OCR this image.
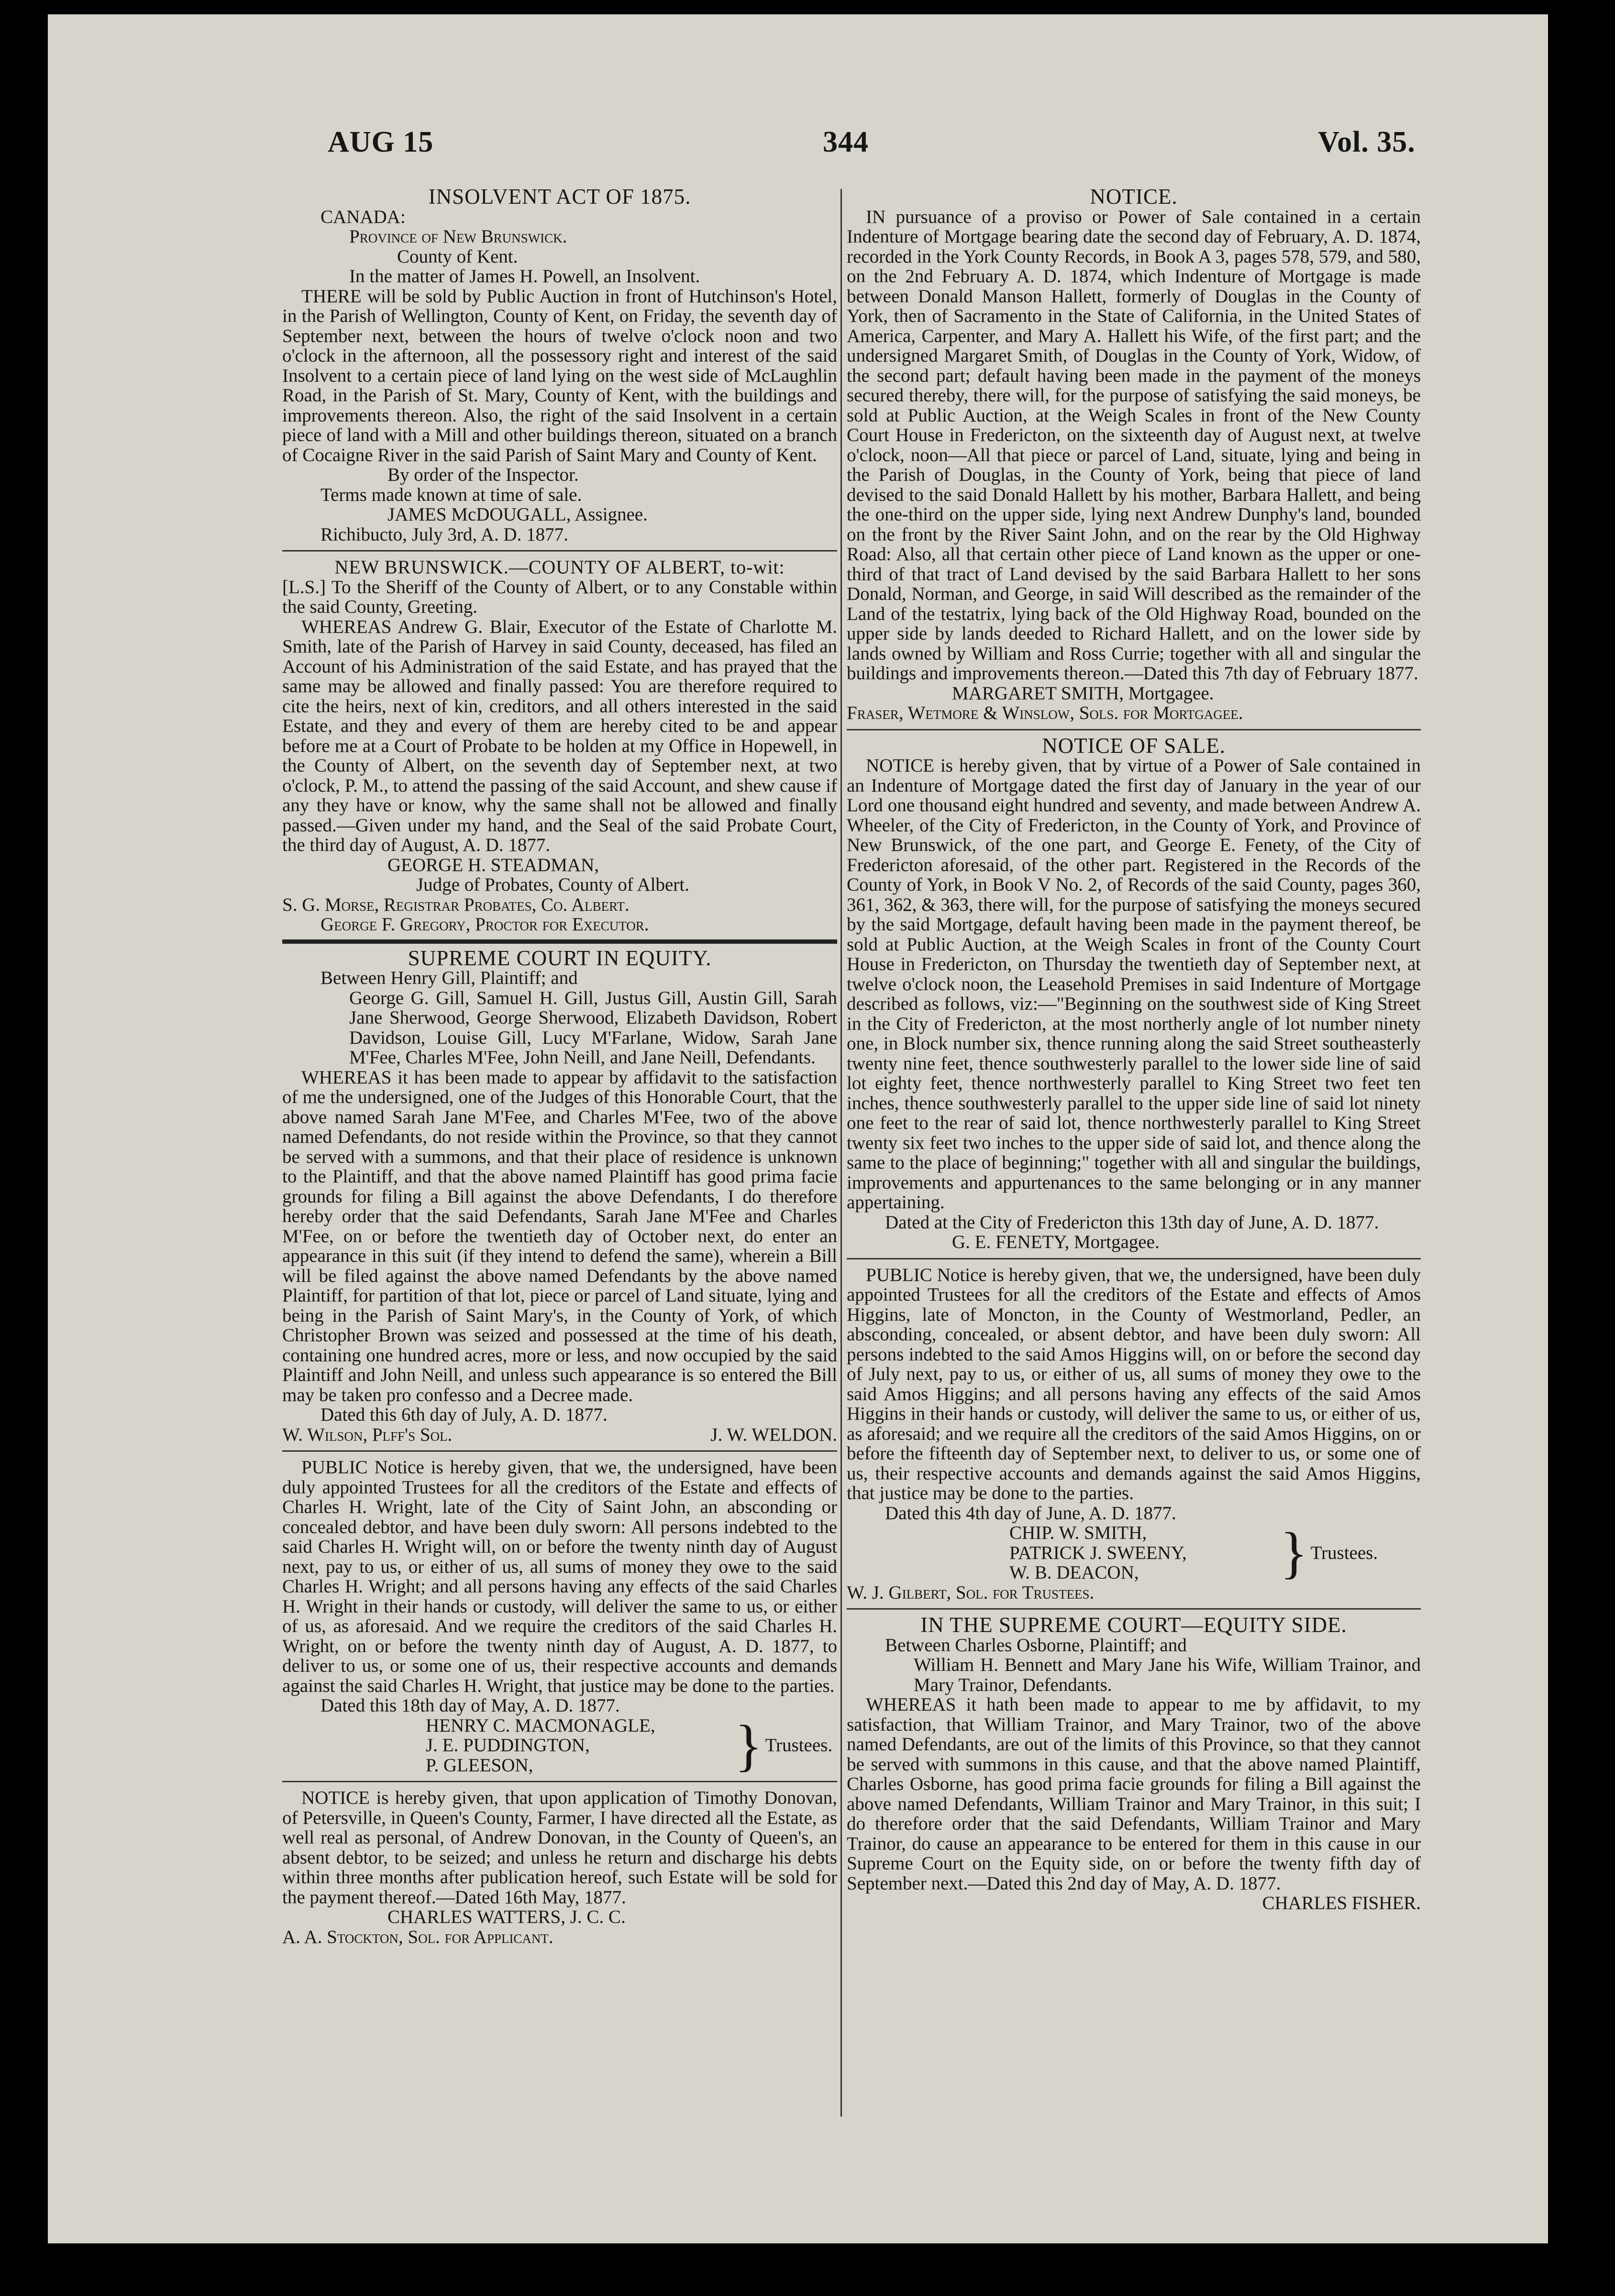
AUG 15	344	Vol. 35.
INSOLVENT ACT OF 1875.
CANADA:
Province of New Brunswick.
County of Kent.
In the matter of James H. Powell, an Insolvent.

THERE will be sold by Public Auction in front of Hutchinson's Hotel, in the Parish of Wellington, County of Kent, on Friday, the seventh day of September next, between the hours of twelve o'clock noon and two o'clock in the afternoon, all the possessory right and interest of the said Insolvent to a certain piece of land lying on the west side of McLaughlin Road, in the Parish of St. Mary, County of Kent, with the buildings and improvements thereon. Also, the right of the said Insolvent in a certain piece of land with a Mill and other buildings thereon, situated on a branch of Cocaigne River in the said Parish of Saint Mary and County of Kent.

By order of the Inspector.
Terms made known at time of sale.
JAMES McDOUGALL, Assignee.
Richibucto, July 3rd, A. D. 1877.
NEW BRUNSWICK.—COUNTY OF ALBERT, to-wit:

[L.S.] To the Sheriff of the County of Albert, or to any Constable within the said County, Greeting.

WHEREAS Andrew G. Blair, Executor of the Estate of Charlotte M. Smith, late of the Parish of Harvey in said County, deceased, has filed an Account of his Administration of the said Estate, and has prayed that the same may be allowed and finally passed: You are therefore required to cite the heirs, next of kin, creditors, and all others interested in the said Estate, and they and every of them are hereby cited to be and appear before me at a Court of Probate to be holden at my Office in Hopewell, in the County of Albert, on the seventh day of September next, at two o'clock, P. M., to attend the passing of the said Account, and shew cause if any they have or know, why the same shall not be allowed and finally passed.—Given under my hand, and the Seal of the said Probate Court, the third day of August, A. D. 1877.

GEORGE H. STEADMAN,
Judge of Probates, County of Albert.
S. G. Morse, Registrar Probates, Co. Albert.
George F. Gregory, Proctor for Executor.
SUPREME COURT IN EQUITY.
Between Henry Gill, Plaintiff; and

George G. Gill, Samuel H. Gill, Justus Gill, Austin Gill, Sarah Jane Sherwood, George Sherwood, Elizabeth Davidson, Robert Davidson, Louise Gill, Lucy M'Farlane, Widow, Sarah Jane M'Fee, Charles M'Fee, John Neill, and Jane Neill, Defendants.

WHEREAS it has been made to appear by affidavit to the satisfaction of me the undersigned, one of the Judges of this Honorable Court, that the above named Sarah Jane M'Fee, and Charles M'Fee, two of the above named Defendants, do not reside within the Province, so that they cannot be served with a summons, and that their place of residence is unknown to the Plaintiff, and that the above named Plaintiff has good prima facie grounds for filing a Bill against the above Defendants, I do therefore hereby order that the said Defendants, Sarah Jane M'Fee and Charles M'Fee, on or before the twentieth day of October next, do enter an appearance in this suit (if they intend to defend the same), wherein a Bill will be filed against the above named Defendants by the above named Plaintiff, for partition of that lot, piece or parcel of Land situate, lying and being in the Parish of Saint Mary's, in the County of York, of which Christopher Brown was seized and possessed at the time of his death, containing one hundred acres, more or less, and now occupied by the said Plaintiff and John Neill, and unless such appearance is so entered the Bill may be taken pro confesso and a Decree made.

Dated this 6th day of July, A. D. 1877.
W. Wilson, Plff's Sol.	J. W. WELDON.

PUBLIC Notice is hereby given, that we, the undersigned, have been duly appointed Trustees for all the creditors of the Estate and effects of Charles H. Wright, late of the City of Saint John, an absconding or concealed debtor, and have been duly sworn: All persons indebted to the said Charles H. Wright will, on or before the twenty ninth day of August next, pay to us, or either of us, all sums of money they owe to the said Charles H. Wright; and all persons having any effects of the said Charles H. Wright in their hands or custody, will deliver the same to us, or either of us, as aforesaid. And we require the creditors of the said Charles H. Wright, on or before the twenty ninth day of August, A. D. 1877, to deliver to us, or some one of us, their respective accounts and demands against the said Charles H. Wright, that justice may be done to the parties.

Dated this 18th day of May, A. D. 1877.
HENRY C. MACMONAGLE,
J. E. PUDDINGTON,
P. GLEESON,	} Trustees.

NOTICE is hereby given, that upon application of Timothy Donovan, of Petersville, in Queen's County, Farmer, I have directed all the Estate, as well real as personal, of Andrew Donovan, in the County of Queen's, an absent debtor, to be seized; and unless he return and discharge his debts within three months after publication hereof, such Estate will be sold for the payment thereof.—Dated 16th May, 1877.

CHARLES WATTERS, J. C. C.
A. A. Stockton, Sol. for Applicant.
NOTICE.

IN pursuance of a proviso or Power of Sale contained in a certain Indenture of Mortgage bearing date the second day of February, A. D. 1874, recorded in the York County Records, in Book A 3, pages 578, 579, and 580, on the 2nd February A. D. 1874, which Indenture of Mortgage is made between Donald Manson Hallett, formerly of Douglas in the County of York, then of Sacramento in the State of California, in the United States of America, Carpenter, and Mary A. Hallett his Wife, of the first part; and the undersigned Margaret Smith, of Douglas in the County of York, Widow, of the second part; default having been made in the payment of the moneys secured thereby, there will, for the purpose of satisfying the said moneys, be sold at Public Auction, at the Weigh Scales in front of the New County Court House in Fredericton, on the sixteenth day of August next, at twelve o'clock, noon—All that piece or parcel of Land, situate, lying and being in the Parish of Douglas, in the County of York, being that piece of land devised to the said Donald Hallett by his mother, Barbara Hallett, and being the one-third on the upper side, lying next Andrew Dunphy's land, bounded on the front by the River Saint John, and on the rear by the Old Highway Road: Also, all that certain other piece of Land known as the upper or one-third of that tract of Land devised by the said Barbara Hallett to her sons Donald, Norman, and George, in said Will described as the remainder of the Land of the testatrix, lying back of the Old Highway Road, bounded on the upper side by lands deeded to Richard Hallett, and on the lower side by lands owned by William and Ross Currie; together with all and singular the buildings and improvements thereon.—Dated this 7th day of February 1877.

MARGARET SMITH, Mortgagee.
Fraser, Wetmore & Winslow, Sols. for Mortgagee.
NOTICE OF SALE.

NOTICE is hereby given, that by virtue of a Power of Sale contained in an Indenture of Mortgage dated the first day of January in the year of our Lord one thousand eight hundred and seventy, and made between Andrew A. Wheeler, of the City of Fredericton, in the County of York, and Province of New Brunswick, of the one part, and George E. Fenety, of the City of Fredericton aforesaid, of the other part. Registered in the Records of the County of York, in Book V No. 2, of Records of the said County, pages 360, 361, 362, & 363, there will, for the purpose of satisfying the moneys secured by the said Mortgage, default having been made in the payment thereof, be sold at Public Auction, at the Weigh Scales in front of the County Court House in Fredericton, on Thursday the twentieth day of September next, at twelve o'clock noon, the Leasehold Premises in said Indenture of Mortgage described as follows, viz:—"Beginning on the southwest side of King Street in the City of Fredericton, at the most northerly angle of lot number ninety one, in Block number six, thence running along the said Street southeasterly twenty nine feet, thence southwesterly parallel to the lower side line of said lot eighty feet, thence northwesterly parallel to King Street two feet ten inches, thence southwesterly parallel to the upper side line of said lot ninety one feet to the rear of said lot, thence northwesterly parallel to King Street twenty six feet two inches to the upper side of said lot, and thence along the same to the place of beginning;" together with all and singular the buildings, improvements and appurtenances to the same belonging or in any manner appertaining.

Dated at the City of Fredericton this 13th day of June, A. D. 1877.
G. E. FENETY, Mortgagee.

PUBLIC Notice is hereby given, that we, the undersigned, have been duly appointed Trustees for all the creditors of the Estate and effects of Amos Higgins, late of Moncton, in the County of Westmorland, Pedler, an absconding, concealed, or absent debtor, and have been duly sworn: All persons indebted to the said Amos Higgins will, on or before the second day of July next, pay to us, or either of us, all sums of money they owe to the said Amos Higgins; and all persons having any effects of the said Amos Higgins in their hands or custody, will deliver the same to us, or either of us, as aforesaid; and we require all the creditors of the said Amos Higgins, on or before the fifteenth day of September next, to deliver to us, or some one of us, their respective accounts and demands against the said Amos Higgins, that justice may be done to the parties.

Dated this 4th day of June, A. D. 1877.
CHIP. W. SMITH,
PATRICK J. SWEENY,
W. B. DEACON,	} Trustees.
W. J. Gilbert, Sol. for Trustees.
IN THE SUPREME COURT—EQUITY SIDE.
Between Charles Osborne, Plaintiff; and

William H. Bennett and Mary Jane his Wife, William Trainor, and Mary Trainor, Defendants.

WHEREAS it hath been made to appear to me by affidavit, to my satisfaction, that William Trainor, and Mary Trainor, two of the above named Defendants, are out of the limits of this Province, so that they cannot be served with summons in this cause, and that the above named Plaintiff, Charles Osborne, has good prima facie grounds for filing a Bill against the above named Defendants, William Trainor and Mary Trainor, in this suit; I do therefore order that the said Defendants, William Trainor and Mary Trainor, do cause an appearance to be entered for them in this cause in our Supreme Court on the Equity side, on or before the twenty fifth day of September next.—Dated this 2nd day of May, A. D. 1877.

CHARLES FISHER.
